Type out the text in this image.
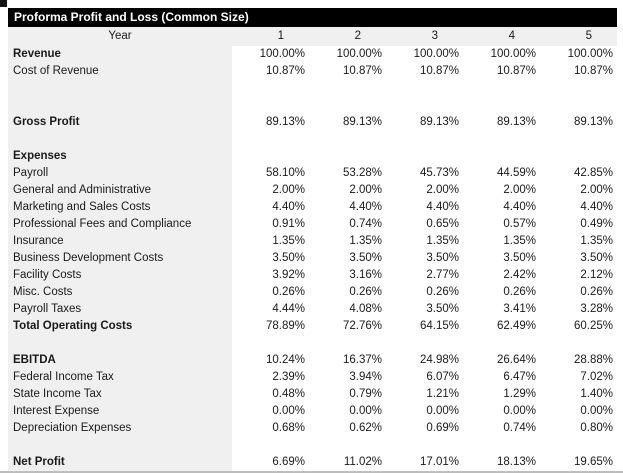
Proforma Profit and Loss (Common Size)
Year	1	2	3	4	5
Revenue	100.00%	100.00%	100.00%	100.00%	100.00%
Cost of Revenue	10.87%	10.87%	10.87%	10.87%	10.87%
Gross Profit	89.13%	89.13%	89.13%	89.13%	89.13%
Expenses
Payroll	58.10%	53.28%	45.73%	44.59%	42.85%
General and Administrative	2.00%	2.00%	2.00%	2.00%	2.00%
Marketing and Sales Costs	4.40%	4.40%	4.40%	4.40%	4.40%
Professional Fees and Compliance	0.91%	0.74%	0.65%	0.57%	0.49%
Insurance	1.35%	1.35%	1.35%	1.35%	1.35%
Business Development Costs	3.50%	3.50%	3.50%	3.50%	3.50%
Facility Costs	3.92%	3.16%	2.77%	2.42%	2.12%
Misc. Costs	0.26%	0.26%	0.26%	0.26%	0.26%
Payroll Taxes	4.44%	4.08%	3.50%	3.41%	3.28%
Total Operating Costs	78.89%	72.76%	64.15%	62.49%	60.25%
EBITDA	10.24%	16.37%	24.98%	26.64%	28.88%
Federal Income Tax	2.39%	3.94%	6.07%	6.47%	7.02%
State Income Tax	0.48%	0.79%	1.21%	1.29%	1.40%
Interest Expense	0.00%	0.00%	0.00%	0.00%	0.00%
Depreciation Expenses	0.68%	0.62%	0.69%	0.74%	0.80%
Net Profit	6.69%	11.02%	17.01%	18.13%	19.65%
